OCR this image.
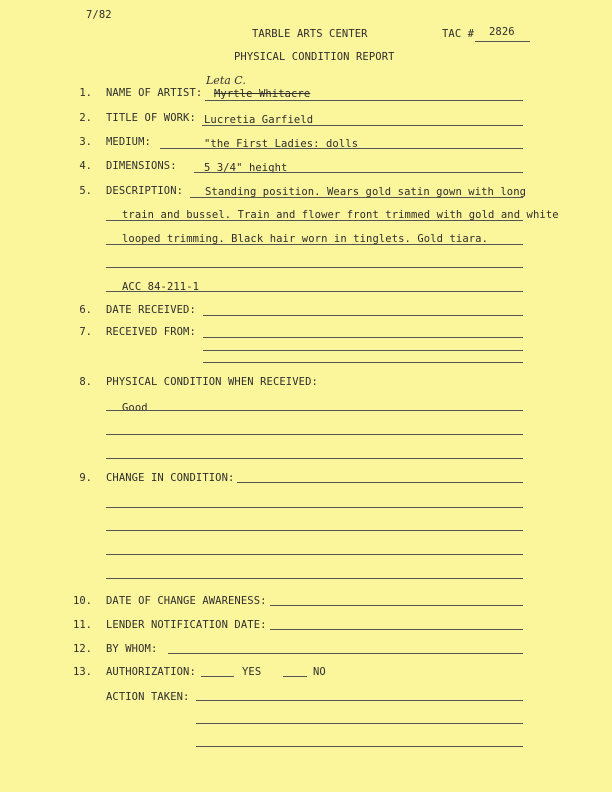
7/82
TARBLE ARTS CENTER	TAC # 2826
PHYSICAL CONDITION REPORT
Leta C.
1. NAME OF ARTIST: Myrtle Whitacre
2. TITLE OF WORK: Lucretia Garfield
3. MEDIUM:	"the First Ladies: dolls
4. DIMENSIONS:	5 3/4" height
5. DESCRIPTION: Standing position. Wears gold satin gown with long
train and bussel. Train and flower front trimmed with gold and white
looped trimming. Black hair worn in tinglets. Gold tiara.
ACC 84-211-1
6. DATE RECEIVED:
7. RECEIVED FROM:
8. PHYSICAL CONDITION WHEN RECEIVED:
Good
9. CHANGE IN CONDITION:
10. DATE OF CHANGE AWARENESS:
11. LENDER NOTIFICATION DATE:
12. BY WHOM:
13. AUTHORIZATION:	YES	NO
ACTION TAKEN:
